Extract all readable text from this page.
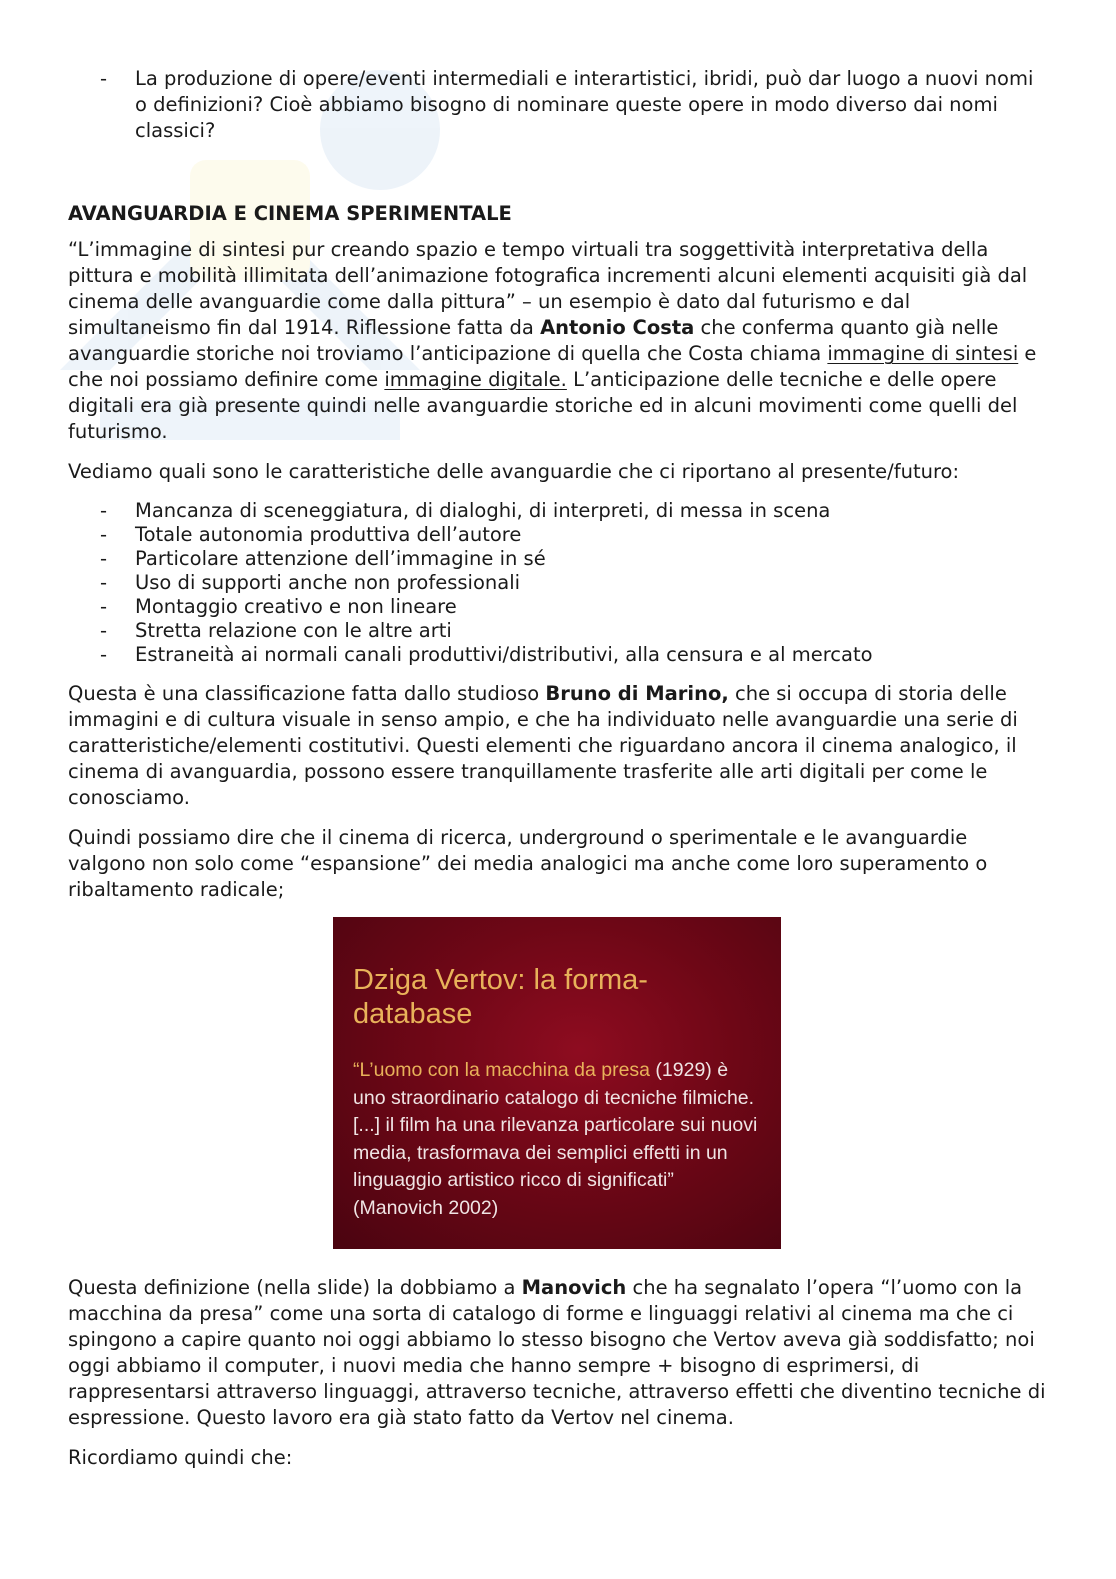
- La produzione di opere/eventi intermediali e interartistici, ibridi, può dar luogo a nuovi nomi o definizioni? Cioè abbiamo bisogno di nominare queste opere in modo diverso dai nomi classici?
AVANGUARDIA E CINEMA SPERIMENTALE

“L’immagine di sintesi pur creando spazio e tempo virtuali tra soggettività interpretativa della pittura e mobilità illimitata dell’animazione fotografica incrementi alcuni elementi acquisiti già dal cinema delle avanguardie come dalla pittura” – un esempio è dato dal futurismo e dal simultaneismo fin dal 1914. Riflessione fatta da Antonio Costa che conferma quanto già nelle avanguardie storiche noi troviamo l’anticipazione di quella che Costa chiama immagine di sintesi e che noi possiamo definire come immagine digitale. L’anticipazione delle tecniche e delle opere digitali era già presente quindi nelle avanguardie storiche ed in alcuni movimenti come quelli del futurismo.

Vediamo quali sono le caratteristiche delle avanguardie che ci riportano al presente/futuro:

- Mancanza di sceneggiatura, di dialoghi, di interpreti, di messa in scena
- Totale autonomia produttiva dell’autore
- Particolare attenzione dell’immagine in sé
- Uso di supporti anche non professionali
- Montaggio creativo e non lineare
- Stretta relazione con le altre arti
- Estraneità ai normali canali produttivi/distributivi, alla censura e al mercato

Questa è una classificazione fatta dallo studioso Bruno di Marino, che si occupa di storia delle immagini e di cultura visuale in senso ampio, e che ha individuato nelle avanguardie una serie di caratteristiche/elementi costitutivi. Questi elementi che riguardano ancora il cinema analogico, il cinema di avanguardia, possono essere tranquillamente trasferite alle arti digitali per come le conosciamo.

Quindi possiamo dire che il cinema di ricerca, underground o sperimentale e le avanguardie valgono non solo come “espansione” dei media analogici ma anche come loro superamento o ribaltamento radicale;

Dziga Vertov: la forma-database
“L’uomo con la macchina da presa (1929) è uno straordinario catalogo di tecniche filmiche. [...] il film ha una rilevanza particolare sui nuovi media, trasformava dei semplici effetti in un linguaggio artistico ricco di significati”
(Manovich 2002)

Questa definizione (nella slide) la dobbiamo a Manovich che ha segnalato l’opera “l’uomo con la macchina da presa” come una sorta di catalogo di forme e linguaggi relativi al cinema ma che ci spingono a capire quanto noi oggi abbiamo lo stesso bisogno che Vertov aveva già soddisfatto; noi oggi abbiamo il computer, i nuovi media che hanno sempre + bisogno di esprimersi, di rappresentarsi attraverso linguaggi, attraverso tecniche, attraverso effetti che diventino tecniche di espressione. Questo lavoro era già stato fatto da Vertov nel cinema.

Ricordiamo quindi che:
